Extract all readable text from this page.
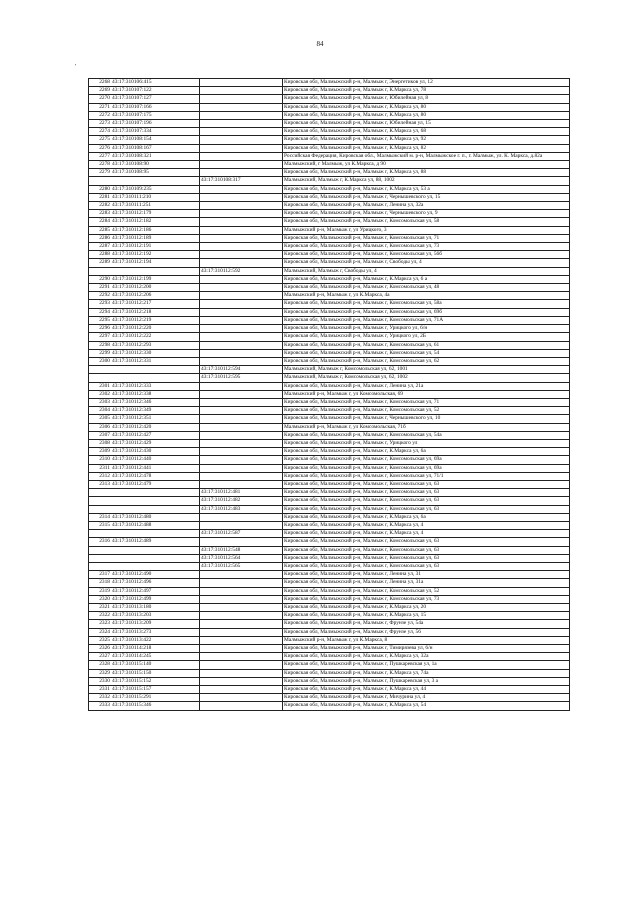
84
'
2268	43:17:310106:415		Кировская обл, Малмыжский р-н, Малмыж г, Энергетиков ул, 12
2269	43:17:310107:122		Кировская обл, Малмыжский р-н, Малмыж г, К.Маркса ул, 78
2270	43:17:310107:127		Кировская обл, Малмыжский р-н, Малмыж г, Юбилейная ул, 8
2271	43:17:310107:166		Кировская обл, Малмыжский р-н, Малмыж г, К.Маркса ул, 80
2272	43:17:310107:175		Кировская обл, Малмыжский р-н, Малмыж г, К.Маркса ул, 80
2273	43:17:310107:196		Кировская обл, Малмыжский р-н, Малмыж г, Юбилейная ул, 15
2274	43:17:310107:334		Кировская обл, Малмыжский р-н, Малмыж г, К.Маркса ул, 68
2275	43:17:310108:154		Кировская обл, Малмыжский р-н, Малмыж г, К.Маркса ул, 92
2276	43:17:310108:167		Кировская обл, Малмыжский р-н, Малмыж г, К.Маркса ул, 82
2277	43:17:310108:321		Российская Федерация, Кировская обл., Малмыжский м. р-н, Малмыжское г. п., г. Малмыж, ул. К. Маркса, д.82а
2278	43:17:310108:90		Малмыжский, г Малмыж, ул К.Маркса, д 90
2279	43:17:310108:95		Кировская обл, Малмыжский р-н, Малмыж г, К.Маркса ул, 88
		43:17:310108:317	Малмыжский, Малмыж г, К.Маркса ул, 88, 1002
2280	43:17:310109:235		Кировская обл, Малмыжский р-н, Малмыж г, К.Маркса ул, 53 а
2281	43:17:310111:210		Кировская обл, Малмыжский р-н, Малмыж г, Чернышевского ул, 15
2282	43:17:310111:251		Кировская обл, Малмыжский р-н, Малмыж г, Ленина ул, 32а
2283	43:17:310112:179		Кировская обл, Малмыжский р-н, Малмыж г, Чернышевского ул, 9
2284	43:17:310112:182		Кировская обл, Малмыжский р-н, Малмыж г, Комсомольская ул, 58
2285	43:17:310112:186		Малмыжский р-н, Малмыж г, ул Урицкого, 3
2286	43:17:310112:189		Кировская обл, Малмыжский р-н, Малмыж г, Комсомольская ул, 71
2287	43:17:310112:191		Кировская обл, Малмыжский р-н, Малмыж г, Комсомольская ул, 73
2288	43:17:310112:192		Кировская обл, Малмыжский р-н, Малмыж г, Комсомольская ул, 56б
2289	43:17:310112:194		Кировская обл, Малмыжский р-н, Малмыж г, Свободы ул, 4
		43:17:310112:592	Малмыжский, Малмыж г, Свободы ул, 4
2290	43:17:310112:199		Кировская обл, Малмыжский р-н, Малмыж г, К.Маркса ул, 6 а
2291	43:17:310112:200		Кировская обл, Малмыжский р-н, Малмыж г, Комсомольская ул, 48
2292	43:17:310112:206		Малмыжский р-н, Малмыж г, ул К.Маркса, 4а
2293	43:17:310112:217		Кировская обл, Малмыжский р-н, Малмыж г, Комсомольская ул, 58а
2294	43:17:310112:218		Кировская обл, Малмыжский р-н, Малмыж г, Комсомольская ул, 69б
2295	43:17:310112:219		Кировская обл, Малмыжский р-н, Малмыж г, Комсомольская ул, 71А
2296	43:17:310112:220		Кировская обл, Малмыжский р-н, Малмыж г, Урицкого ул, 6/н
2297	43:17:310112:222		Кировская обл, Малмыжский р-н, Малмыж г, Урицкого ул, 2Б
2298	43:17:310112:293		Кировская обл, Малмыжский р-н, Малмыж г, Комсомольская ул, 61
2299	43:17:310112:330		Кировская обл, Малмыжский р-н, Малмыж г, Комсомольская ул, 54
2300	43:17:310112:331		Кировская обл, Малмыжский р-н, Малмыж г, Комсомольская ул, 62
		43:17:310112:594	Малмыжский, Малмыж г, Комсомольская ул, 62, 1001
		43:17:310112:595	Малмыжский, Малмыж г, Комсомольская ул, 62, 1002
2301	43:17:310112:333		Кировская обл, Малмыжский р-н, Малмыж г, Ленина ул, 21а
2302	43:17:310112:338		Малмыжский р-н, Малмыж г, ул Комсомольская, 69
2303	43:17:310112:346		Кировская обл, Малмыжский р-н, Малмыж г, Комсомольская ул, 71
2304	43:17:310112:349		Кировская обл, Малмыжский р-н, Малмыж г, Комсомольская ул, 52
2305	43:17:310112:351		Кировская обл, Малмыжский р-н, Малмыж г, Чернышевского ул, 10
2306	43:17:310112:420		Малмыжский р-н, Малмыж г, ул Комсомольская, 71б
2307	43:17:310112:427		Кировская обл, Малмыжский р-н, Малмыж г, Комсомольская ул, 54а
2308	43:17:310112:429		Кировская обл, Малмыжский р-н, Малмыж г, Урицкого ул
2309	43:17:310112:430		Кировская обл, Малмыжский р-н, Малмыж г, К.Маркса ул, 6а
2310	43:17:310112:440		Кировская обл, Малмыжский р-н, Малмыж г, Комсомольская ул, 69а
2311	43:17:310112:441		Кировская обл, Малмыжский р-н, Малмыж г, Комсомольская ул, 69а
2312	43:17:310112:478		Кировская обл, Малмыжский р-н, Малмыж г, Комсомольская ул, 71/1
2313	43:17:310112:479		Кировская обл, Малмыжский р-н, Малмыж г, Комсомольская ул, 63
		43:17:310112:481	Кировская обл, Малмыжский р-н, Малмыж г, Комсомольская ул, 63
		43:17:310112:482	Кировская обл, Малмыжский р-н, Малмыж г, Комсомольская ул, 63
		43:17:310112:483	Кировская обл, Малмыжский р-н, Малмыж г, Комсомольская ул, 63
2314	43:17:310112:480		Кировская обл, Малмыжский р-н, Малмыж г, К.Маркса ул, 6а
2315	43:17:310112:488		Кировская обл, Малмыжский р-н, Малмыж г, К.Маркса ул, 4
		43:17:310112:587	Кировская обл, Малмыжский р-н, Малмыж г, К.Маркса ул, 4
2316	43:17:310112:489		Кировская обл, Малмыжский р-н, Малмыж г, Комсомольская ул, 63
		43:17:310112:548	Кировская обл, Малмыжский р-н, Малмыж г, Комсомольская ул, 63
		43:17:310112:564	Кировская обл, Малмыжский р-н, Малмыж г, Комсомольская ул, 63
		43:17:310112:565	Кировская обл, Малмыжский р-н, Малмыж г, Комсомольская ул, 63
2317	43:17:310112:490		Кировская обл, Малмыжский р-н, Малмыж г, Ленина ул, 31
2318	43:17:310112:496		Кировская обл, Малмыжский р-н, Малмыж г, Ленина ул, 31а
2319	43:17:310112:497		Кировская обл, Малмыжский р-н, Малмыж г, Комсомольская ул, 52
2320	43:17:310112:499		Кировская обл, Малмыжский р-н, Малмыж г, Комсомольская ул, 73
2321	43:17:310113:180		Кировская обл, Малмыжский р-н, Малмыж г, К.Маркса ул, 20
2322	43:17:310113:203		Кировская обл, Малмыжский р-н, Малмыж г, К.Маркса ул, 15
2323	43:17:310113:209		Кировская обл, Малмыжский р-н, Малмыж г, Фрунзе ул, 54а
2324	43:17:310113:273		Кировская обл, Малмыжский р-н, Малмыж г, Фрунзе ул, 56
2325	43:17:310113:422		Малмыжский р-н, Малмыж г, ул К.Маркса, 8
2326	43:17:310114:218		Кировская обл, Малмыжский р-н, Малмыж г, Тимирязева ул, 6/н
2327	43:17:310114:245		Кировская обл, Малмыжский р-н, Малмыж г, К.Маркса ул, 32а
2328	43:17:310115:140		Кировская обл, Малмыжский р-н, Малмыж г, Пушкаревская ул, 1а
2329	43:17:310115:150		Кировская обл, Малмыжский р-н, Малмыж г, К.Маркса ул, 74а
2330	43:17:310115:152		Кировская обл, Малмыжский р-н, Малмыж г, Пушкаревская ул, 3 а
2331	43:17:310115:157		Кировская обл, Малмыжский р-н, Малмыж г, К.Маркса ул, 44
2332	43:17:310115:291		Кировская обл, Малмыжский р-н, Малмыж г, Мичурина ул, 4
2333	43:17:310115:346		Кировская обл, Малмыжский р-н, Малмыж г, К.Маркса ул, 54
